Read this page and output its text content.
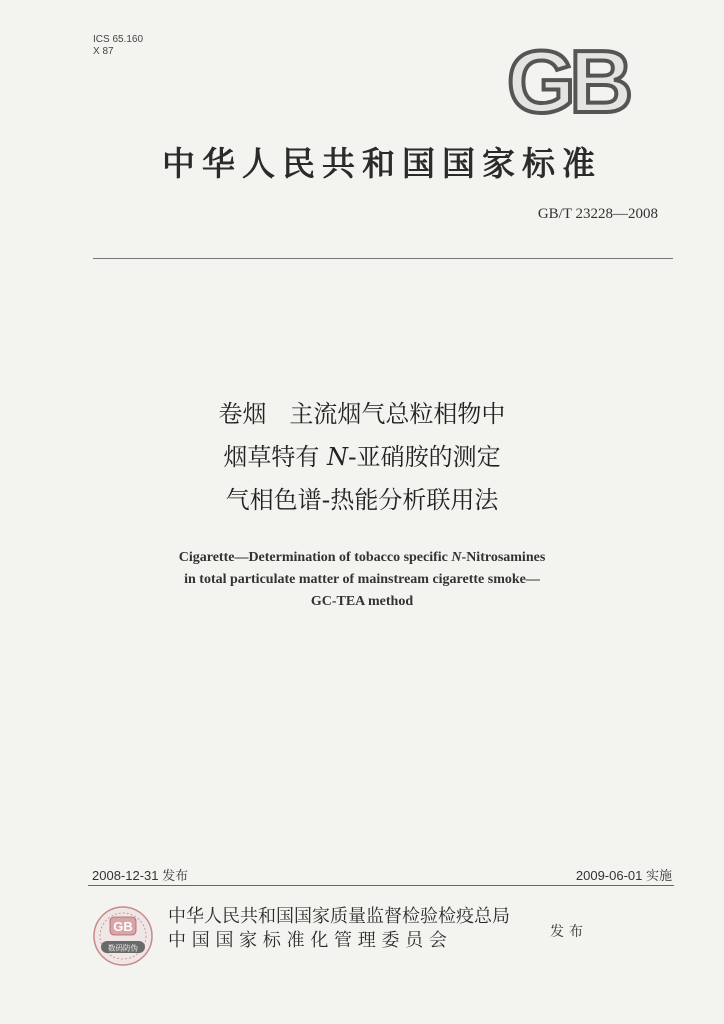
ICS 65.160
X 87	GB
中华人民共和国国家标准
GB/T 23228—2008
卷烟   主流烟气总粒相物中
烟草特有 N-亚硝胺的测定
气相色谱-热能分析联用法
Cigarette—Determination of tobacco specific N-Nitrosamines
in total particulate matter of mainstream cigarette smoke—
GC-TEA method
2008-12-31 发布	2009-06-01 实施
GB
数码防伪
中华人民共和国国家质量监督检验检疫总局
中 国 国 家 标 准 化 管 理 委 员 会	发布
